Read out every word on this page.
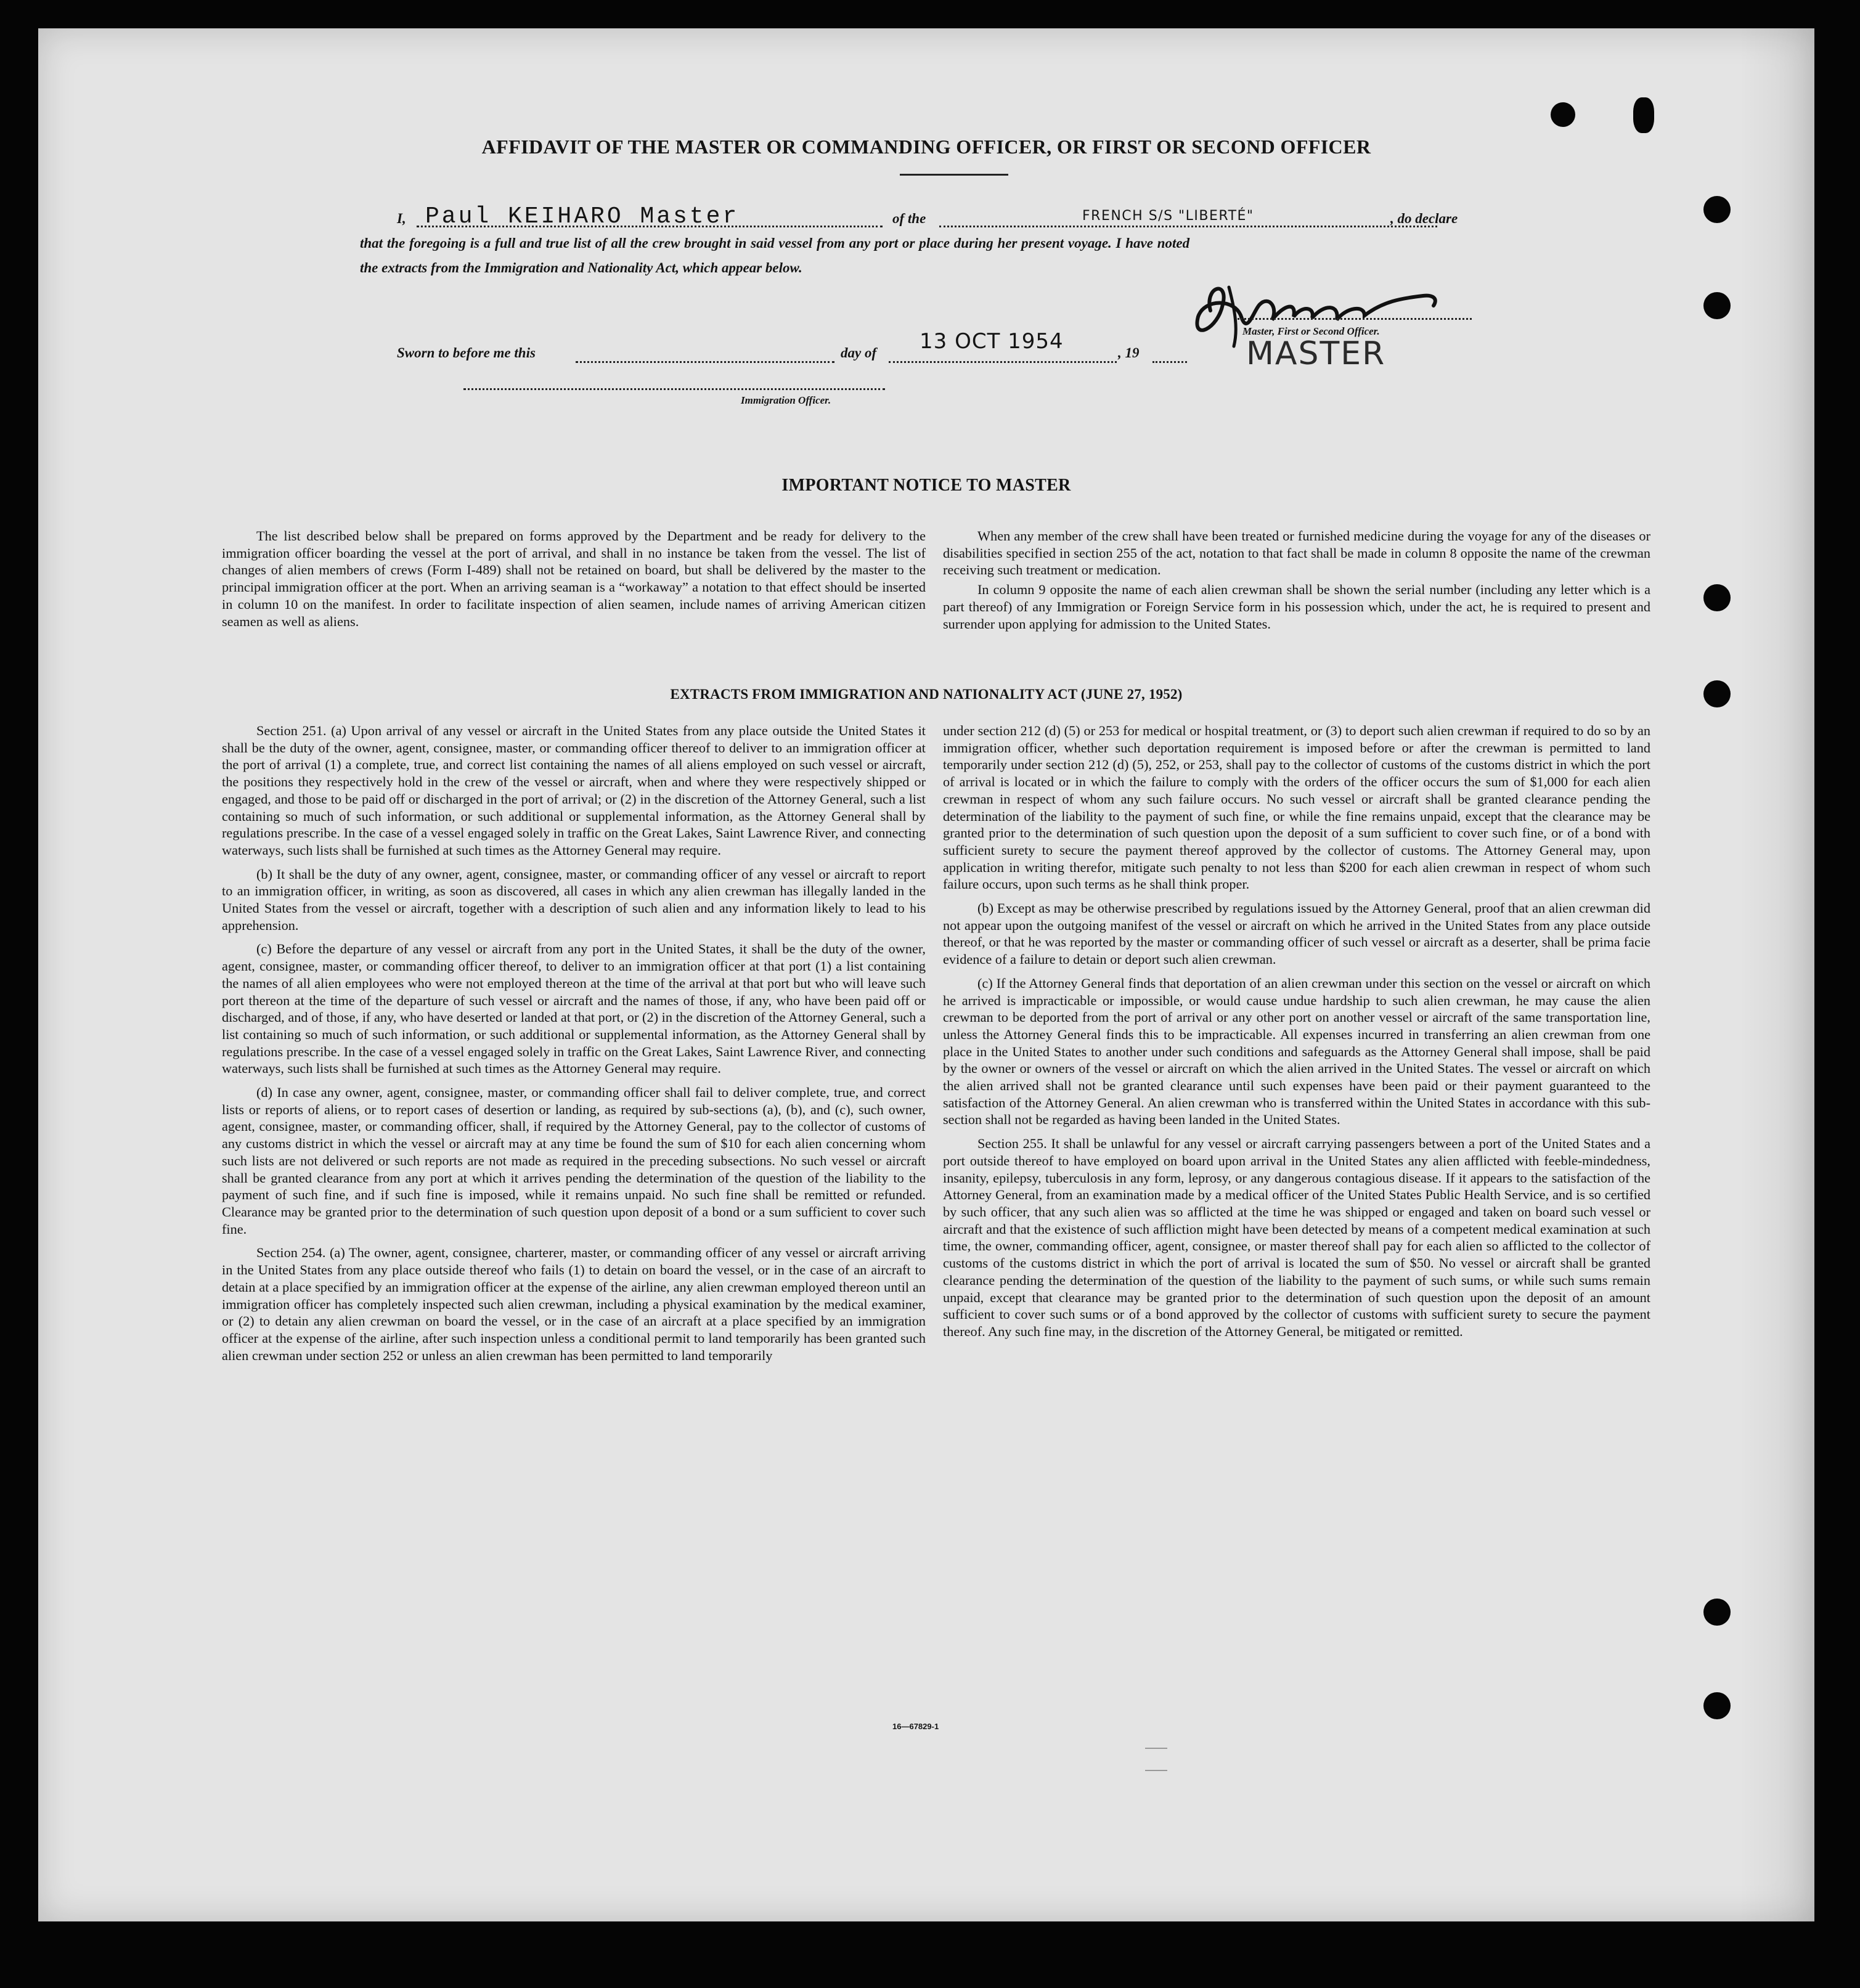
AFFIDAVIT OF THE MASTER OR COMMANDING OFFICER, OR FIRST OR SECOND OFFICER
I, Paul KEIHARO Master	of the	FRENCH S/S "LIBERTÉ"	, do declare
that the foregoing is a full and true list of all the crew brought in said vessel from any port or place during her present voyage. I have noted
the extracts from the Immigration and Nationality Act, which appear below.
Master, First or Second Officer.
MASTER
Sworn to before me this	day of 13 OCT 1954	, 19
Immigration Officer.
IMPORTANT NOTICE TO MASTER

The list described below shall be prepared on forms approved by the Department and be ready for delivery to the immigration officer boarding the vessel at the port of arrival, and shall in no instance be taken from the vessel. The list of changes of alien members of crews (Form I-489) shall not be retained on board, but shall be delivered by the master to the principal immigration officer at the port. When an arriving seaman is a “workaway” a notation to that effect should be inserted in column 10 on the manifest. In order to facilitate inspection of alien seamen, include names of arriving American citizen seamen as well as aliens.

When any member of the crew shall have been treated or furnished medicine during the voyage for any of the diseases or disabilities specified in section 255 of the act, notation to that fact shall be made in column 8 opposite the name of the crewman receiving such treatment or medication.

In column 9 opposite the name of each alien crewman shall be shown the serial number (including any letter which is a part thereof) of any Immigration or Foreign Service form in his possession which, under the act, he is required to present and surrender upon applying for admission to the United States.

EXTRACTS FROM IMMIGRATION AND NATIONALITY ACT (JUNE 27, 1952)

Section 251. (a) Upon arrival of any vessel or aircraft in the United States from any place outside the United States it shall be the duty of the owner, agent, consignee, master, or commanding officer thereof to deliver to an immigration officer at the port of arrival (1) a complete, true, and correct list containing the names of all aliens employed on such vessel or aircraft, the positions they respectively hold in the crew of the vessel or aircraft, when and where they were respectively shipped or engaged, and those to be paid off or discharged in the port of arrival; or (2) in the discretion of the Attorney General, such a list containing so much of such information, or such additional or supplemental information, as the Attorney General shall by regulations prescribe. In the case of a vessel engaged solely in traffic on the Great Lakes, Saint Lawrence River, and connecting waterways, such lists shall be furnished at such times as the Attorney General may require.

(b) It shall be the duty of any owner, agent, consignee, master, or commanding officer of any vessel or aircraft to report to an immigration officer, in writing, as soon as discovered, all cases in which any alien crewman has illegally landed in the United States from the vessel or aircraft, together with a description of such alien and any information likely to lead to his apprehension.

(c) Before the departure of any vessel or aircraft from any port in the United States, it shall be the duty of the owner, agent, consignee, master, or commanding officer thereof, to deliver to an immigration officer at that port (1) a list containing the names of all alien employees who were not employed thereon at the time of the arrival at that port but who will leave such port thereon at the time of the departure of such vessel or aircraft and the names of those, if any, who have been paid off or discharged, and of those, if any, who have deserted or landed at that port, or (2) in the discretion of the Attorney General, such a list containing so much of such information, or such additional or supplemental information, as the Attorney General shall by regulations prescribe. In the case of a vessel engaged solely in traffic on the Great Lakes, Saint Lawrence River, and connecting waterways, such lists shall be furnished at such times as the Attorney General may require.

(d) In case any owner, agent, consignee, master, or commanding officer shall fail to deliver complete, true, and correct lists or reports of aliens, or to report cases of desertion or landing, as required by sub-sections (a), (b), and (c), such owner, agent, consignee, master, or commanding officer, shall, if required by the Attorney General, pay to the collector of customs of any customs district in which the vessel or aircraft may at any time be found the sum of $10 for each alien concerning whom such lists are not delivered or such reports are not made as required in the preceding subsections. No such vessel or aircraft shall be granted clearance from any port at which it arrives pending the determination of the question of the liability to the payment of such fine, and if such fine is imposed, while it remains unpaid. No such fine shall be remitted or refunded. Clearance may be granted prior to the determination of such question upon deposit of a bond or a sum sufficient to cover such fine.

Section 254. (a) The owner, agent, consignee, charterer, master, or commanding officer of any vessel or aircraft arriving in the United States from any place outside thereof who fails (1) to detain on board the vessel, or in the case of an aircraft to detain at a place specified by an immigration officer at the expense of the airline, any alien crewman employed thereon until an immigration officer has completely inspected such alien crewman, including a physical examination by the medical examiner, or (2) to detain any alien crewman on board the vessel, or in the case of an aircraft at a place specified by an immigration officer at the expense of the airline, after such inspection unless a conditional permit to land temporarily has been granted such alien crewman under section 252 or unless an alien crewman has been permitted to land temporarily

under section 212 (d) (5) or 253 for medical or hospital treatment, or (3) to deport such alien crewman if required to do so by an immigration officer, whether such deportation requirement is imposed before or after the crewman is permitted to land temporarily under section 212 (d) (5), 252, or 253, shall pay to the collector of customs of the customs district in which the port of arrival is located or in which the failure to comply with the orders of the officer occurs the sum of $1,000 for each alien crewman in respect of whom any such failure occurs. No such vessel or aircraft shall be granted clearance pending the determination of the liability to the payment of such fine, or while the fine remains unpaid, except that the clearance may be granted prior to the determination of such question upon the deposit of a sum sufficient to cover such fine, or of a bond with sufficient surety to secure the payment thereof approved by the collector of customs. The Attorney General may, upon application in writing therefor, mitigate such penalty to not less than $200 for each alien crewman in respect of whom such failure occurs, upon such terms as he shall think proper.

(b) Except as may be otherwise prescribed by regulations issued by the Attorney General, proof that an alien crewman did not appear upon the outgoing manifest of the vessel or aircraft on which he arrived in the United States from any place outside thereof, or that he was reported by the master or commanding officer of such vessel or aircraft as a deserter, shall be prima facie evidence of a failure to detain or deport such alien crewman.

(c) If the Attorney General finds that deportation of an alien crewman under this section on the vessel or aircraft on which he arrived is impracticable or impossible, or would cause undue hardship to such alien crewman, he may cause the alien crewman to be deported from the port of arrival or any other port on another vessel or aircraft of the same transportation line, unless the Attorney General finds this to be impracticable. All expenses incurred in transferring an alien crewman from one place in the United States to another under such conditions and safeguards as the Attorney General shall impose, shall be paid by the owner or owners of the vessel or aircraft on which the alien arrived in the United States. The vessel or aircraft on which the alien arrived shall not be granted clearance until such expenses have been paid or their payment guaranteed to the satisfaction of the Attorney General. An alien crewman who is transferred within the United States in accordance with this sub-section shall not be regarded as having been landed in the United States.

Section 255. It shall be unlawful for any vessel or aircraft carrying passengers between a port of the United States and a port outside thereof to have employed on board upon arrival in the United States any alien afflicted with feeble-mindedness, insanity, epilepsy, tuberculosis in any form, leprosy, or any dangerous contagious disease. If it appears to the satisfaction of the Attorney General, from an examination made by a medical officer of the United States Public Health Service, and is so certified by such officer, that any such alien was so afflicted at the time he was shipped or engaged and taken on board such vessel or aircraft and that the existence of such affliction might have been detected by means of a competent medical examination at such time, the owner, commanding officer, agent, consignee, or master thereof shall pay for each alien so afflicted to the collector of customs of the customs district in which the port of arrival is located the sum of $50. No vessel or aircraft shall be granted clearance pending the determination of the question of the liability to the payment of such sums, or while such sums remain unpaid, except that clearance may be granted prior to the determination of such question upon the deposit of an amount sufficient to cover such sums or of a bond approved by the collector of customs with sufficient surety to secure the payment thereof. Any such fine may, in the discretion of the Attorney General, be mitigated or remitted.

16—67829-1
